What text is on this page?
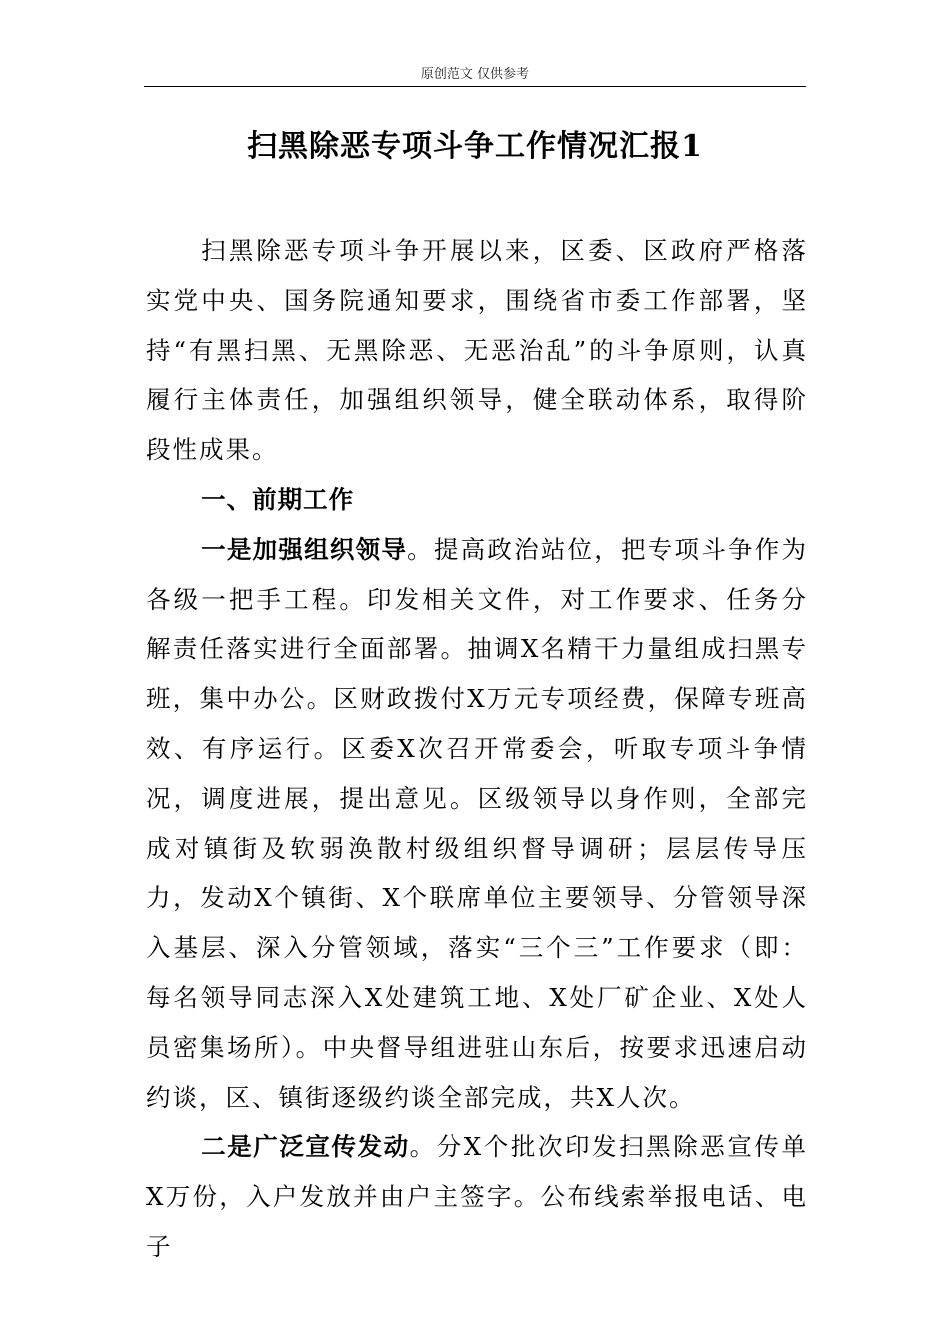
原创范文 仅供参考
扫黑除恶专项斗争工作情况汇报1

扫黑除恶专项斗争开展以来，区委、区政府严格落实党中央、国务院通知要求，围绕省市委工作部署，坚持“有黑扫黑、无黑除恶、无恶治乱”的斗争原则，认真履行主体责任，加强组织领导，健全联动体系，取得阶段性成果。

一、前期工作

一是加强组织领导。提高政治站位，把专项斗争作为各级一把手工程。印发相关文件，对工作要求、任务分解责任落实进行全面部署。抽调X名精干力量组成扫黑专班，集中办公。区财政拨付X万元专项经费，保障专班高效、有序运行。区委X次召开常委会，听取专项斗争情况，调度进展，提出意见。区级领导以身作则，全部完成对镇街及软弱涣散村级组织督导调研；层层传导压力，发动X个镇街、X个联席单位主要领导、分管领导深入基层、深入分管领域，落实“三个三”工作要求（即：每名领导同志深入X处建筑工地、X处厂矿企业、X处人员密集场所）。中央督导组进驻山东后，按要求迅速启动约谈，区、镇街逐级约谈全部完成，共X人次。

二是广泛宣传发动。分X个批次印发扫黑除恶宣传单X万份，入户发放并由户主签字。公布线索举报电话、电子
